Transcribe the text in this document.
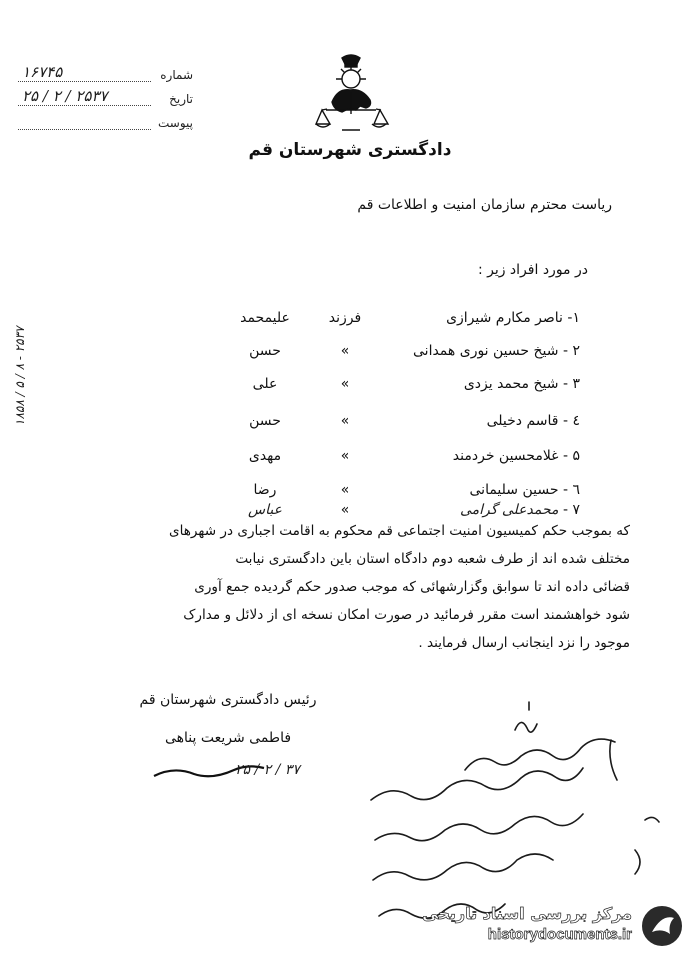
۱۶۷۴۵	شماره
۲۵ / ۲ / ۲۵۳۷	تاریخ
پیوست
دادگستری شهرستان قم
ریاست محترم سازمان امنیت و اطلاعات قم
در مورد افراد زیر :
۱- ناصر مکارم شیرازی
فرزند
علیمحمد
۲ - شیخ حسین نوری همدانی
«
حسن
۳ - شیخ محمد یزدی
«
علی
٤ - قاسم دخیلی
«
حسن
۵ - غلامحسین خردمند
«
مهدی
٦ - حسین سلیمانی
«
رضا
۷ - محمدعلی گرامی
«
عباس
که بموجب حکم کمیسیون امنیت اجتماعی قم محکوم به اقامت اجباری در شهرهای
مختلف شده اند از طرف شعبه دوم دادگاه استان باین دادگستری نیابت
قضائی داده اند تا سوابق وگزارشهائی که موجب صدور حکم گردیده جمع آوری
شود خواهشمند است مقرر فرمائید در صورت امکان نسخه ای از دلائل و مدارک
موجود را نزد اینجانب ارسال فرمایند .
رئیس دادگستری شهرستان قم
فاطمی شریعت پناهی
۲۵ / ۲ / ۳۷
۱۸۵۸ / ۵ / ۸ - ۲۵۳۷
مرکز بررسی اسناد تاریخی
historydocuments.ir
